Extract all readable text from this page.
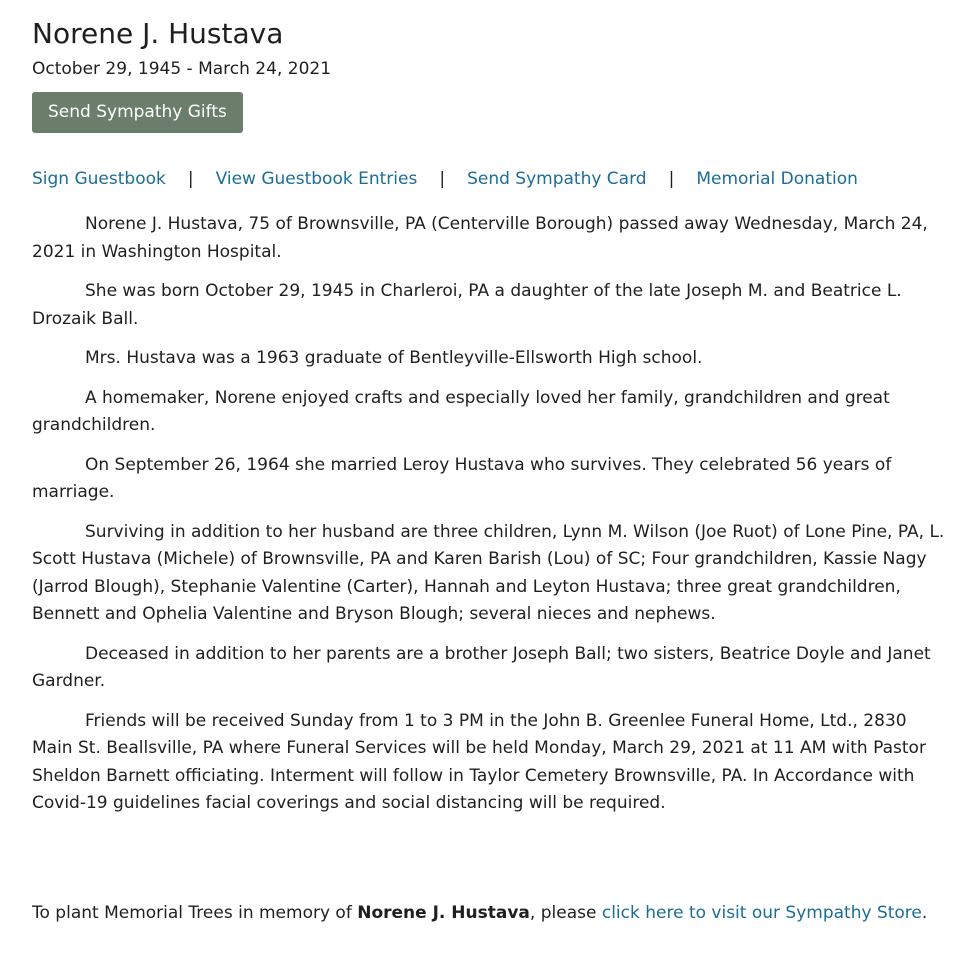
Norene J. Hustava

October 29, 1945 - March 24, 2021

Send Sympathy Gifts
Sign Guestbook | View Guestbook Entries | Send Sympathy Card | Memorial Donation

Norene J. Hustava, 75 of Brownsville, PA (Centerville Borough) passed away Wednesday, March 24, 2021 in Washington Hospital.

She was born October 29, 1945 in Charleroi, PA a daughter of the late Joseph M. and Beatrice L. Drozaik Ball.

Mrs. Hustava was a 1963 graduate of Bentleyville-Ellsworth High school.

A homemaker, Norene enjoyed crafts and especially loved her family, grandchildren and great grandchildren.

On September 26, 1964 she married Leroy Hustava who survives. They celebrated 56 years of marriage.

Surviving in addition to her husband are three children, Lynn M. Wilson (Joe Ruot) of Lone Pine, PA, L. Scott Hustava (Michele) of Brownsville, PA and Karen Barish (Lou) of SC; Four grandchildren, Kassie Nagy (Jarrod Blough), Stephanie Valentine (Carter), Hannah and Leyton Hustava; three great grandchildren, Bennett and Ophelia Valentine and Bryson Blough; several nieces and nephews.

Deceased in addition to her parents are a brother Joseph Ball; two sisters, Beatrice Doyle and Janet Gardner.

Friends will be received Sunday from 1 to 3 PM in the John B. Greenlee Funeral Home, Ltd., 2830 Main St. Beallsville, PA where Funeral Services will be held Monday, March 29, 2021 at 11 AM with Pastor Sheldon Barnett officiating. Interment will follow in Taylor Cemetery Brownsville, PA. In Accordance with Covid-19 guidelines facial coverings and social distancing will be required.

To plant Memorial Trees in memory of Norene J. Hustava, please click here to visit our Sympathy Store.
